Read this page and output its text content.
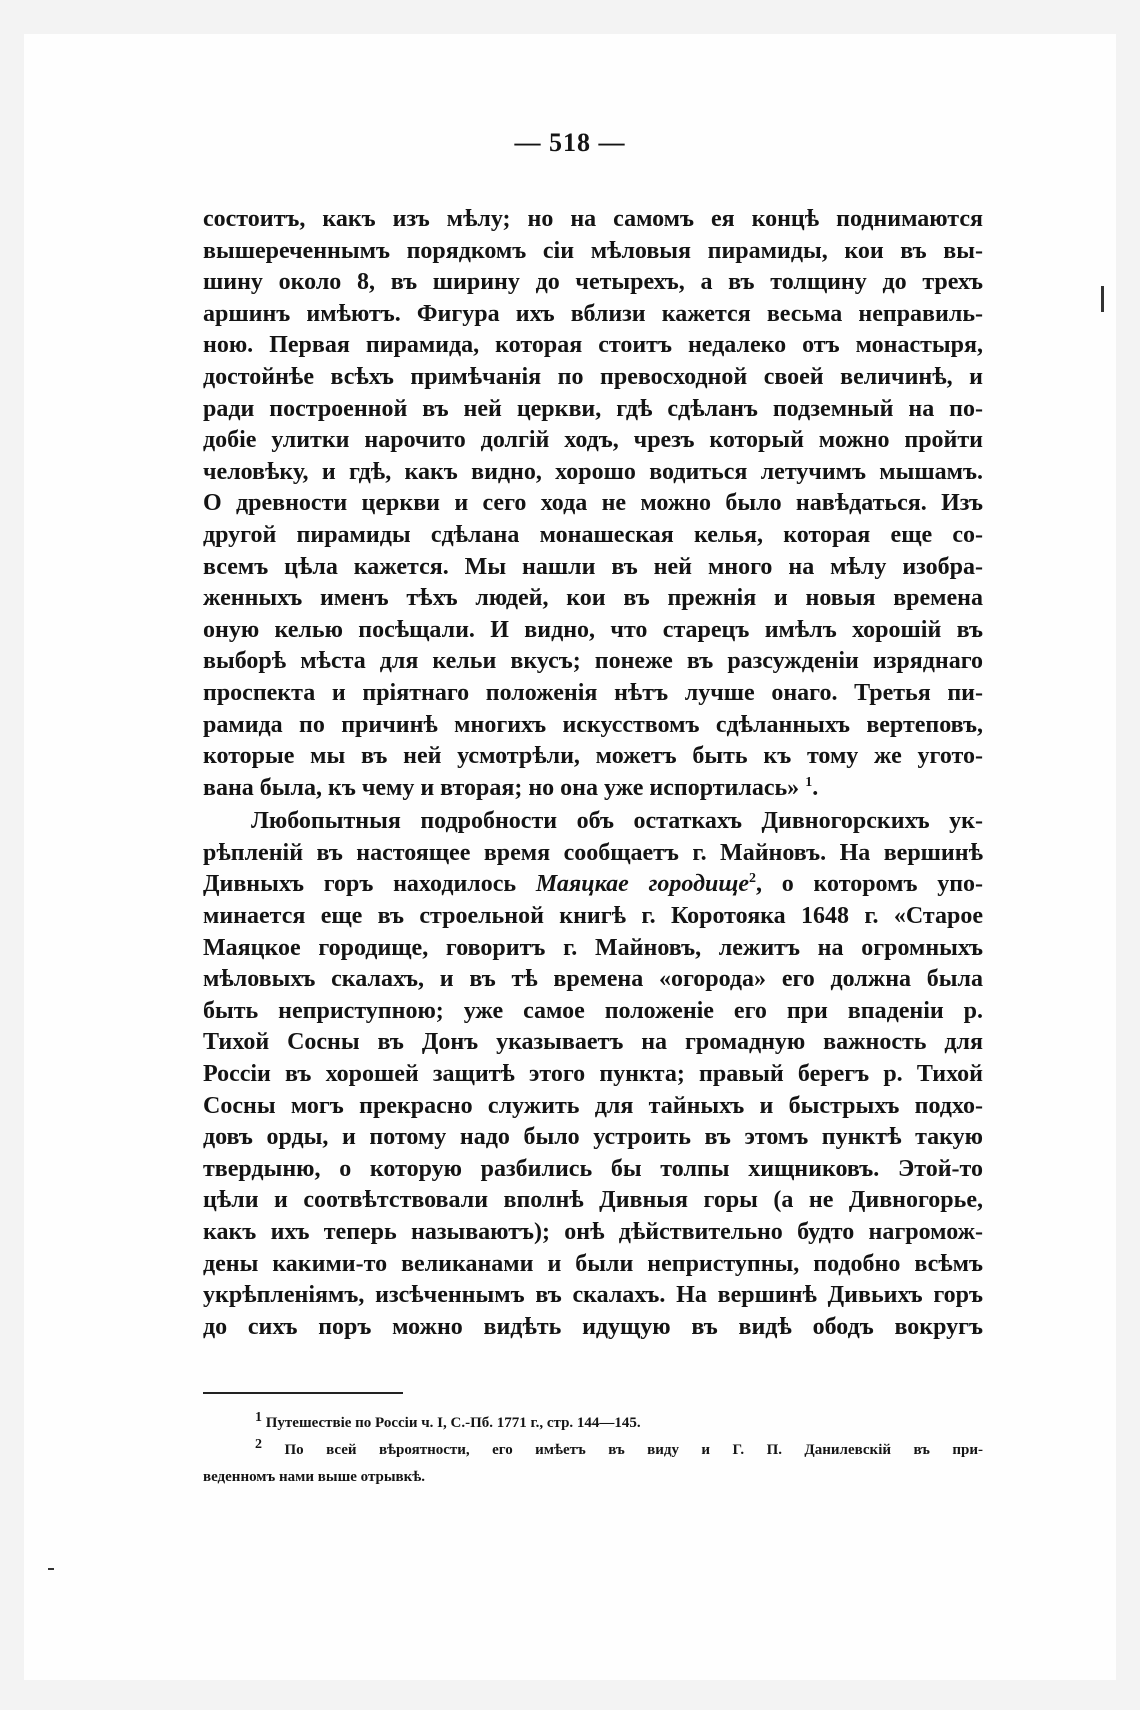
— 518 —
состоитъ, какъ изъ мѣлу; но на самомъ ея концѣ поднимаются
вышереченнымъ порядкомъ сіи мѣловыя пирамиды, кои въ вы-
шину около 8, въ ширину до четырехъ, а въ толщину до трехъ
аршинъ имѣютъ. Фигура ихъ вблизи кажется весьма неправиль-
ною. Первая пирамида, которая стоитъ недалеко отъ монастыря,
достойнѣе всѣхъ примѣчанія по превосходной своей величинѣ, и
ради построенной въ ней церкви, гдѣ сдѣланъ подземный на по-
добіе улитки нарочито долгій ходъ, чрезъ который можно пройти
человѣку, и гдѣ, какъ видно, хорошо водиться летучимъ мышамъ.
О древности церкви и сего хода не можно было навѣдаться. Изъ
другой пирамиды сдѣлана монашеская келья, которая еще со-
всемъ цѣла кажется. Мы нашли въ ней много на мѣлу изобра-
женныхъ именъ тѣхъ людей, кои въ прежнія и новыя времена
оную келью посѣщали. И видно, что старецъ имѣлъ хорошій въ
выборѣ мѣста для кельи вкусъ; понеже въ разсужденіи изряднаго
проспекта и пріятнаго положенія нѣтъ лучше онаго. Третья пи-
рамида по причинѣ многихъ искусствомъ сдѣланныхъ вертеповъ,
которые мы въ ней усмотрѣли, можетъ быть къ тому же угото-
вана была, къ чему и вторая; но она уже испортилась» $^1$.
Любопытныя подробности объ остаткахъ Дивногорскихъ ук-
рѣпленій въ настоящее время сообщаетъ г. Майновъ. На вершинѣ
Дивныхъ горъ находилось Маяцкае городище$^2$, о которомъ упо-
минается еще въ строельной книгѣ г. Коротояка 1648 г. «Старое
Маяцкое городище, говоритъ г. Майновъ, лежитъ на огромныхъ
мѣловыхъ скалахъ, и въ тѣ времена «огорода» его должна была
быть неприступною; уже самое положеніе его при впаденіи р.
Тихой Сосны въ Донъ указываетъ на громадную важность для
Россіи въ хорошей защитѣ этого пункта; правый берегъ р. Тихой
Сосны могъ прекрасно служить для тайныхъ и быстрыхъ подхо-
довъ орды, и потому надо было устроить въ этомъ пунктѣ такую
твердыню, о которую разбились бы толпы хищниковъ. Этой-то
цѣли и соотвѣтствовали вполнѣ Дивныя горы (а не Дивногорье,
какъ ихъ теперь называютъ); онѣ дѣйствительно будто нагромож-
дены какими-то великанами и были неприступны, подобно всѣмъ
укрѣпленіямъ, изсѣченнымъ въ скалахъ. На вершинѣ Дивьихъ горъ
до сихъ поръ можно видѣть идущую въ видѣ ободъ вокругъ
$^1$ Путешествіе по Россіи ч. I, С.-Пб. 1771 г., стр. 144—145.
$^2$ По всей вѣроятности, его имѣетъ въ виду и Г. П. Данилевскій въ при-
веденномъ нами выше отрывкѣ.
